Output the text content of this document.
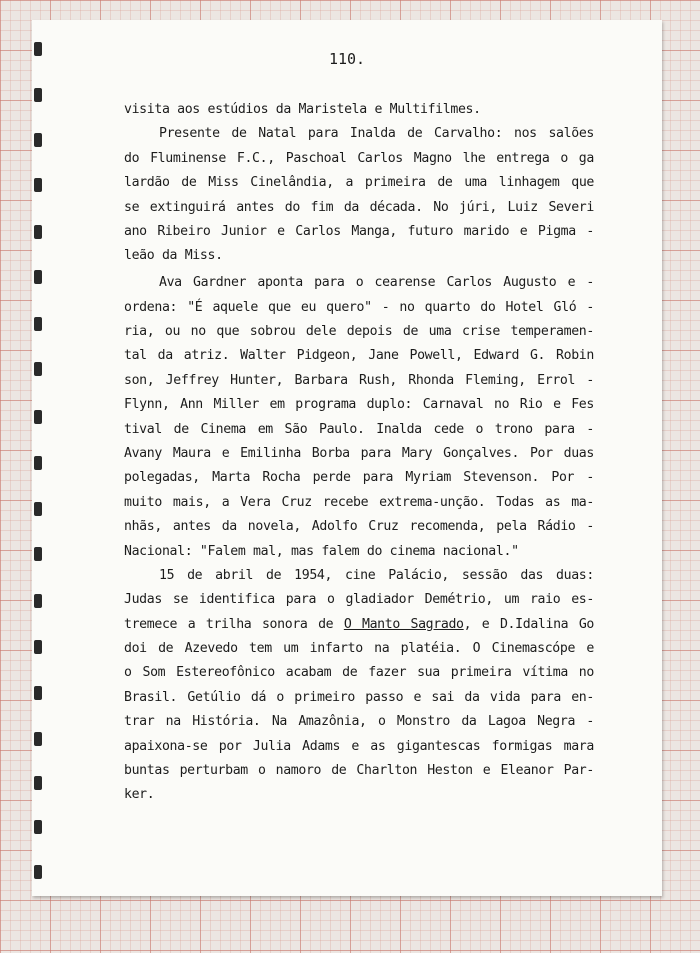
110.
visita aos estúdios da Maristela e Multifilmes.
Presente de Natal para Inalda de Carvalho: nos salões
do Fluminense F.C., Paschoal Carlos Magno lhe entrega o ga
lardão de Miss Cinelândia, a primeira de uma linhagem que
se extinguirá antes do fim da década. No júri, Luiz Severi
ano Ribeiro Junior e Carlos Manga, futuro marido e Pigma -
leão da Miss.
Ava Gardner aponta para o cearense Carlos Augusto e -
ordena: "É aquele que eu quero" - no quarto do Hotel Gló -
ria, ou no que sobrou dele depois de uma crise temperamen-
tal da atriz. Walter Pidgeon, Jane Powell, Edward G. Robin
son, Jeffrey Hunter, Barbara Rush, Rhonda Fleming, Errol -
Flynn, Ann Miller em programa duplo: Carnaval no Rio e Fes
tival de Cinema em São Paulo. Inalda cede o trono para -
Avany Maura e Emilinha Borba para Mary Gonçalves. Por duas
polegadas, Marta Rocha perde para Myriam Stevenson. Por -
muito mais, a Vera Cruz recebe extrema-unção. Todas as ma-
nhãs, antes da novela, Adolfo Cruz recomenda, pela Rádio -
Nacional: "Falem mal, mas falem do cinema nacional."
15 de abril de 1954, cine Palácio, sessão das duas:
Judas se identifica para o gladiador Demétrio, um raio es-
tremece a trilha sonora de O Manto Sagrado, e D.Idalina Go
doi de Azevedo tem um infarto na platéia. O Cinemascópe e
o Som Estereofônico acabam de fazer sua primeira vítima no
Brasil. Getúlio dá o primeiro passo e sai da vida para en-
trar na História. Na Amazônia, o Monstro da Lagoa Negra -
apaixona-se por Julia Adams e as gigantescas formigas mara
buntas perturbam o namoro de Charlton Heston e Eleanor Par-
ker.
